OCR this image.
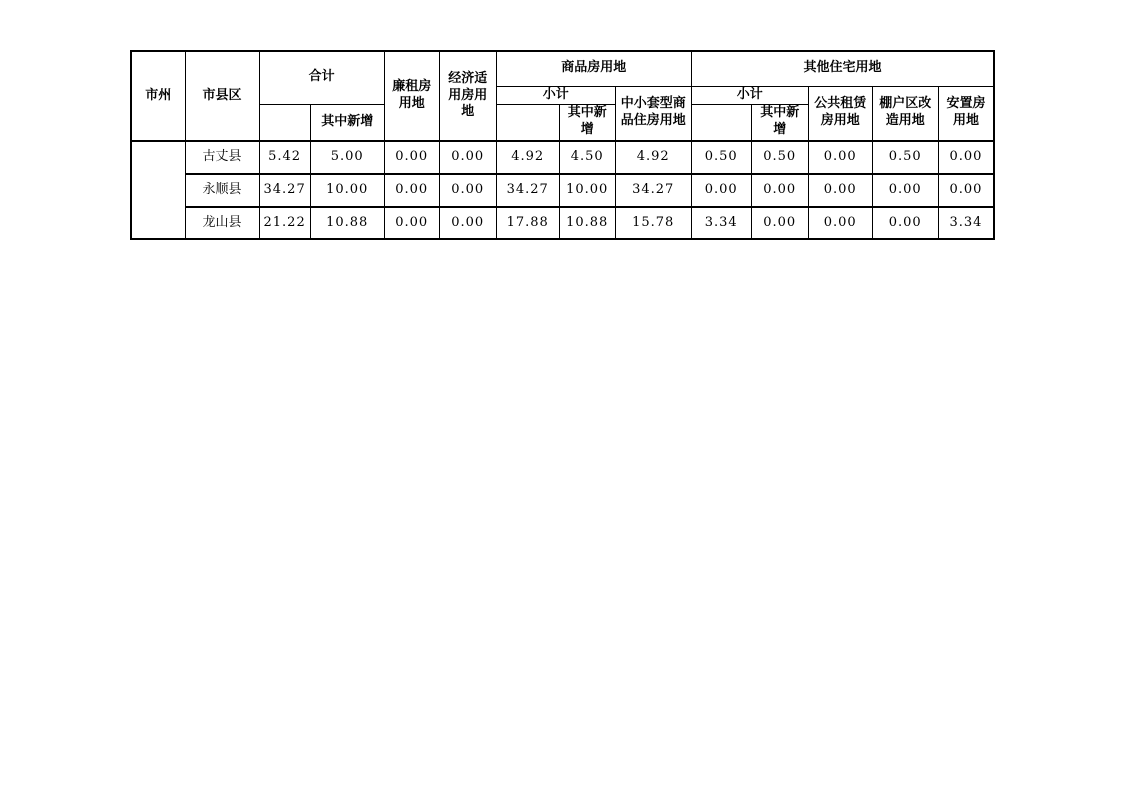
市州	市县区	合计		廉租房用地	经济适用房用地	商品房用地			其他住宅用地				
						小计		中小套型商品住房用地	小计		公共租赁房用地	棚户区改造用地	安置房用地
			其中新增				其中新增			其中新增			
	古丈县	5.42	5.00	0.00	0.00	4.92	4.50	4.92	0.50	0.50	0.00	0.50	0.00
	永顺县	34.27	10.00	0.00	0.00	34.27	10.00	34.27	0.00	0.00	0.00	0.00	0.00
	龙山县	21.22	10.88	0.00	0.00	17.88	10.88	15.78	3.34	0.00	0.00	0.00	3.34
